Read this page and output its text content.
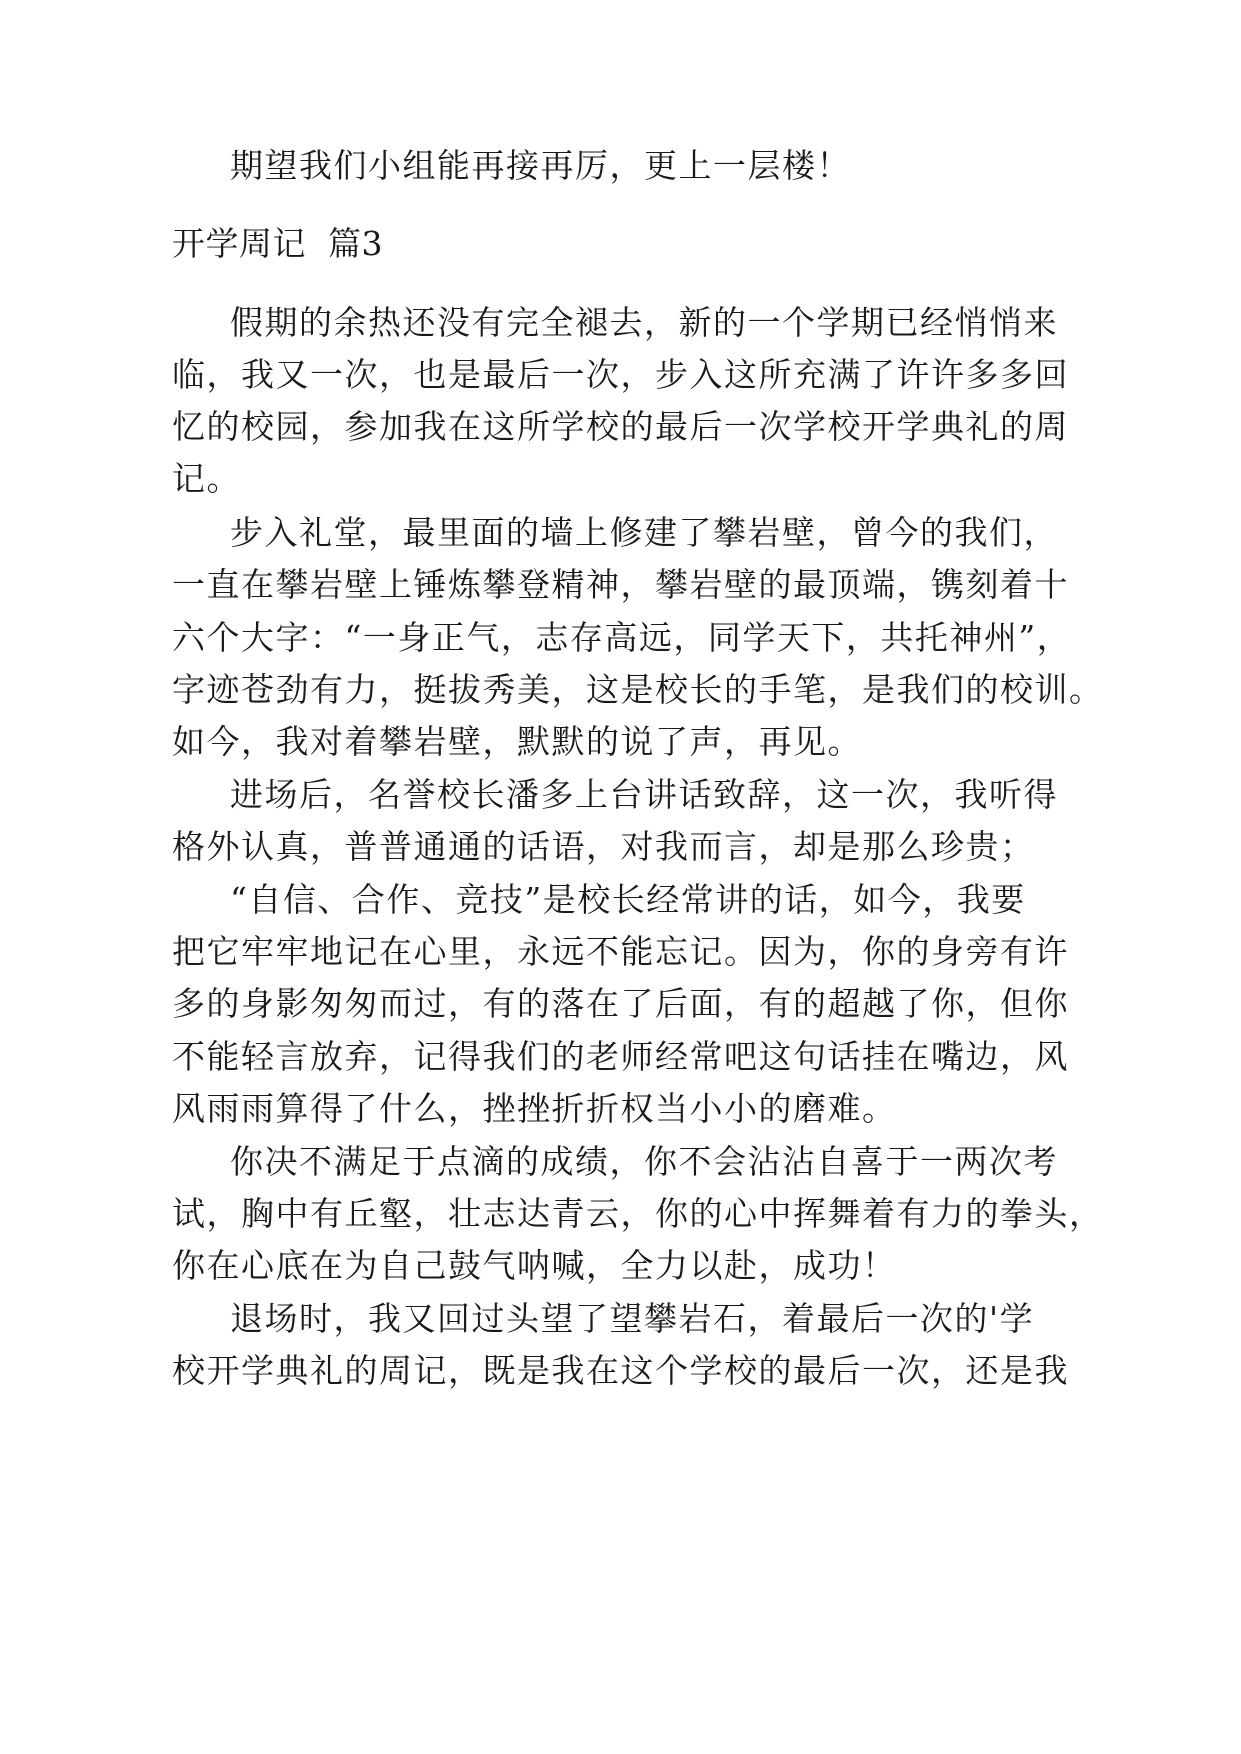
期望我们小组能再接再厉，更上一层楼！
开学周记  篇3
假期的余热还没有完全褪去，新的一个学期已经悄悄来
临，我又一次，也是最后一次，步入这所充满了许许多多回
忆的校园，参加我在这所学校的最后一次学校开学典礼的周
记。
步入礼堂，最里面的墙上修建了攀岩壁，曾今的我们，
一直在攀岩壁上锤炼攀登精神，攀岩壁的最顶端，镌刻着十
六个大字：“一身正气，志存高远，同学天下，共托神州”，
字迹苍劲有力，挺拔秀美，这是校长的手笔，是我们的校训。
如今，我对着攀岩壁，默默的说了声，再见。
进场后，名誉校长潘多上台讲话致辞，这一次，我听得
格外认真，普普通通的话语，对我而言，却是那么珍贵；
“自信、合作、竞技”是校长经常讲的话，如今，我要
把它牢牢地记在心里，永远不能忘记。因为，你的身旁有许
多的身影匆匆而过，有的落在了后面，有的超越了你，但你
不能轻言放弃，记得我们的老师经常吧这句话挂在嘴边，风
风雨雨算得了什么，挫挫折折权当小小的磨难。
你决不满足于点滴的成绩，你不会沾沾自喜于一两次考
试，胸中有丘壑，壮志达青云，你的心中挥舞着有力的拳头，
你在心底在为自己鼓气呐喊，全力以赴，成功！
退场时，我又回过头望了望攀岩石，着最后一次的'学
校开学典礼的周记，既是我在这个学校的最后一次，还是我
